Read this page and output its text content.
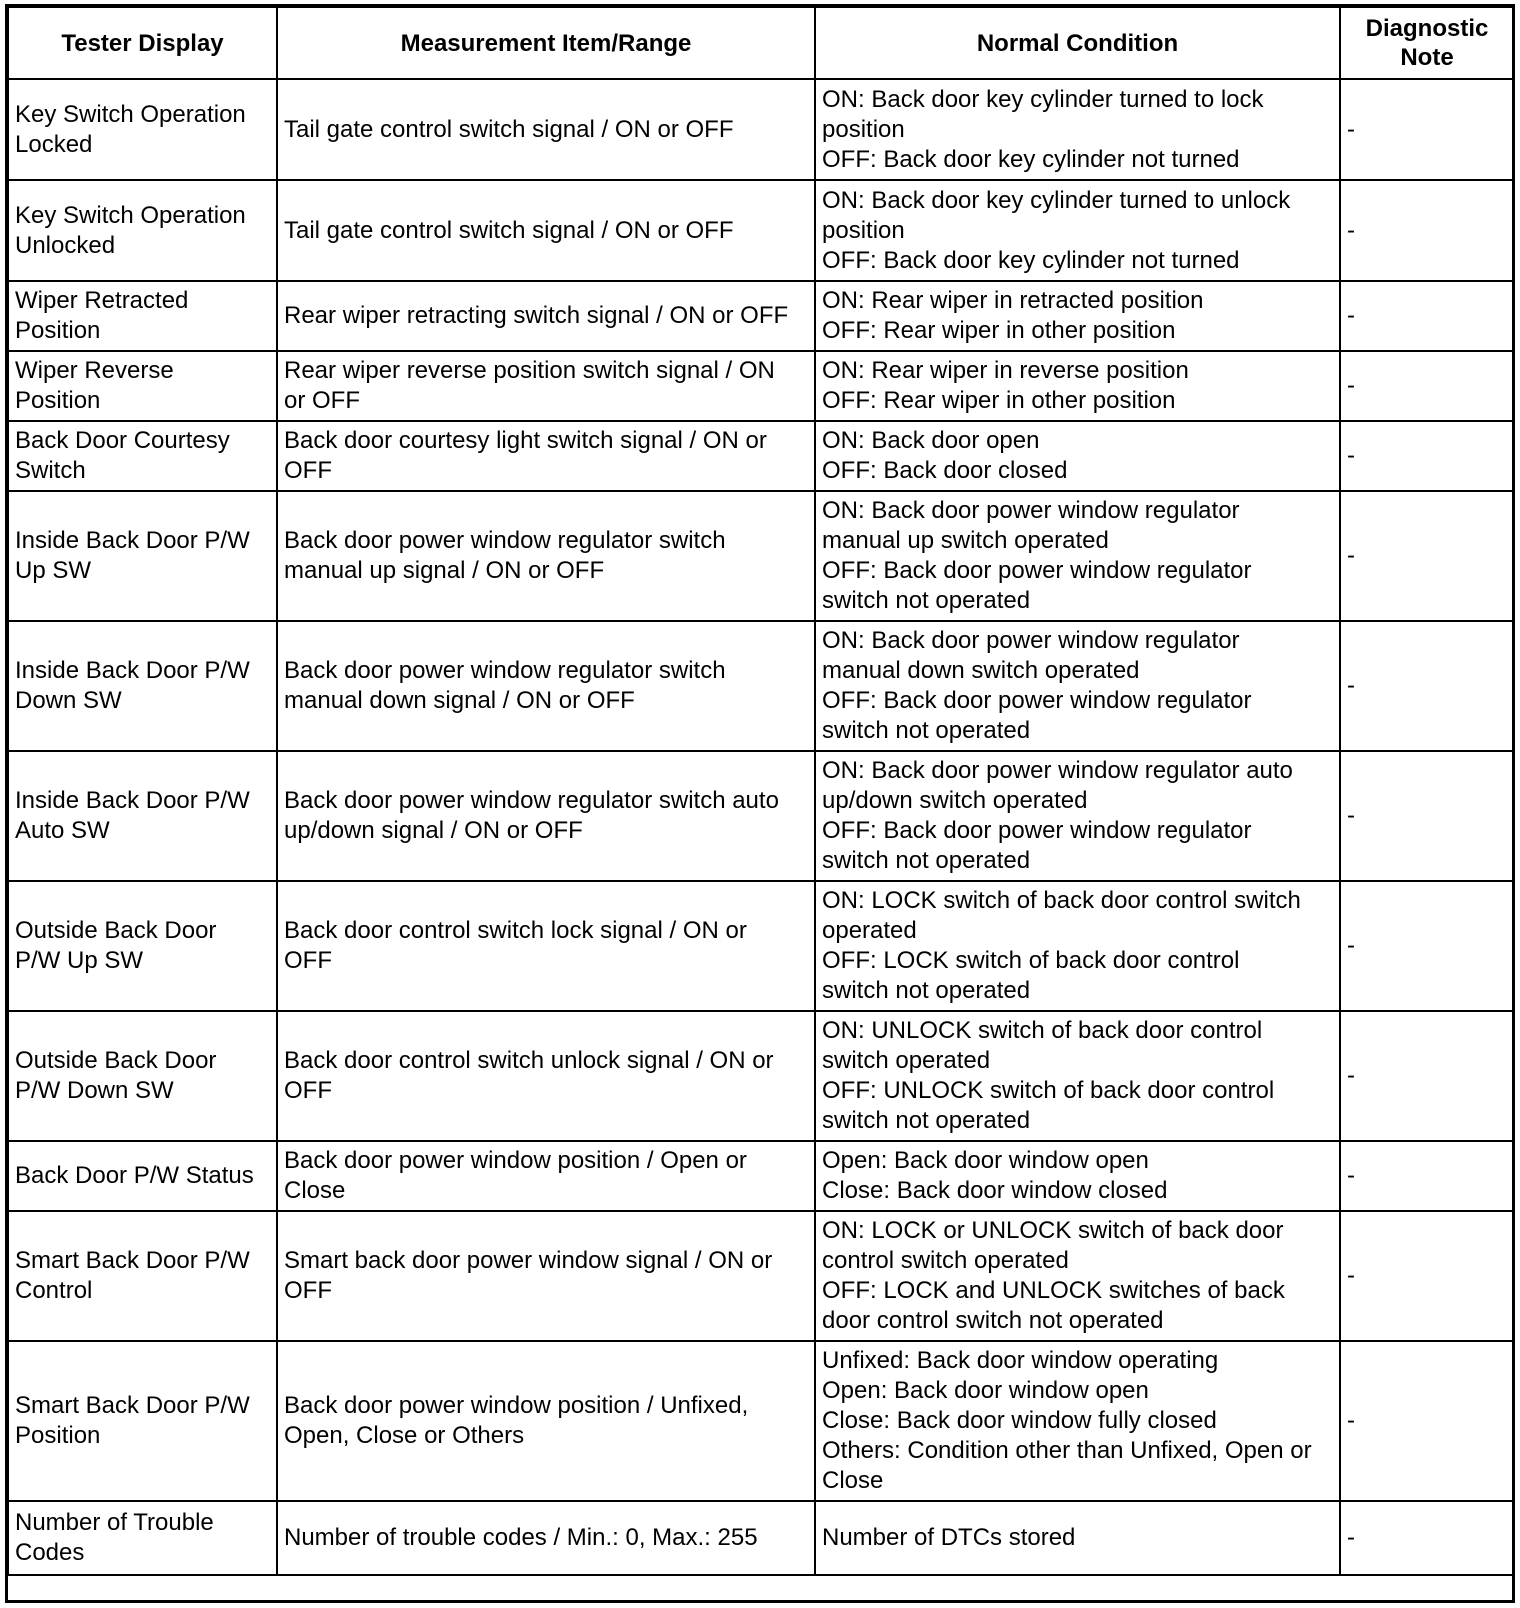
Tester Display	Measurement Item/Range	Normal Condition	Diagnostic
Note
Key Switch Operation
Locked	Tail gate control switch signal / ON or OFF	ON: Back door key cylinder turned to lock
position
OFF: Back door key cylinder not turned	-
Key Switch Operation
Unlocked	Tail gate control switch signal / ON or OFF	ON: Back door key cylinder turned to unlock
position
OFF: Back door key cylinder not turned	-
Wiper Retracted
Position	Rear wiper retracting switch signal / ON or OFF	ON: Rear wiper in retracted position
OFF: Rear wiper in other position	-
Wiper Reverse
Position	Rear wiper reverse position switch signal / ON
or OFF	ON: Rear wiper in reverse position
OFF: Rear wiper in other position	-
Back Door Courtesy
Switch	Back door courtesy light switch signal / ON or
OFF	ON: Back door open
OFF: Back door closed	-
Inside Back Door P/W
Up SW	Back door power window regulator switch
manual up signal / ON or OFF	ON: Back door power window regulator
manual up switch operated
OFF: Back door power window regulator
switch not operated	-
Inside Back Door P/W
Down SW	Back door power window regulator switch
manual down signal / ON or OFF	ON: Back door power window regulator
manual down switch operated
OFF: Back door power window regulator
switch not operated	-
Inside Back Door P/W
Auto SW	Back door power window regulator switch auto
up/down signal / ON or OFF	ON: Back door power window regulator auto
up/down switch operated
OFF: Back door power window regulator
switch not operated	-
Outside Back Door
P/W Up SW	Back door control switch lock signal / ON or
OFF	ON: LOCK switch of back door control switch
operated
OFF: LOCK switch of back door control
switch not operated	-
Outside Back Door
P/W Down SW	Back door control switch unlock signal / ON or
OFF	ON: UNLOCK switch of back door control
switch operated
OFF: UNLOCK switch of back door control
switch not operated	-
Back Door P/W Status	Back door power window position / Open or
Close	Open: Back door window open
Close: Back door window closed	-
Smart Back Door P/W
Control	Smart back door power window signal / ON or
OFF	ON: LOCK or UNLOCK switch of back door
control switch operated
OFF: LOCK and UNLOCK switches of back
door control switch not operated	-
Smart Back Door P/W
Position	Back door power window position / Unfixed,
Open, Close or Others	Unfixed: Back door window operating
Open: Back door window open
Close: Back door window fully closed
Others: Condition other than Unfixed, Open or
Close	-
Number of Trouble
Codes	Number of trouble codes / Min.: 0, Max.: 255	Number of DTCs stored	-
